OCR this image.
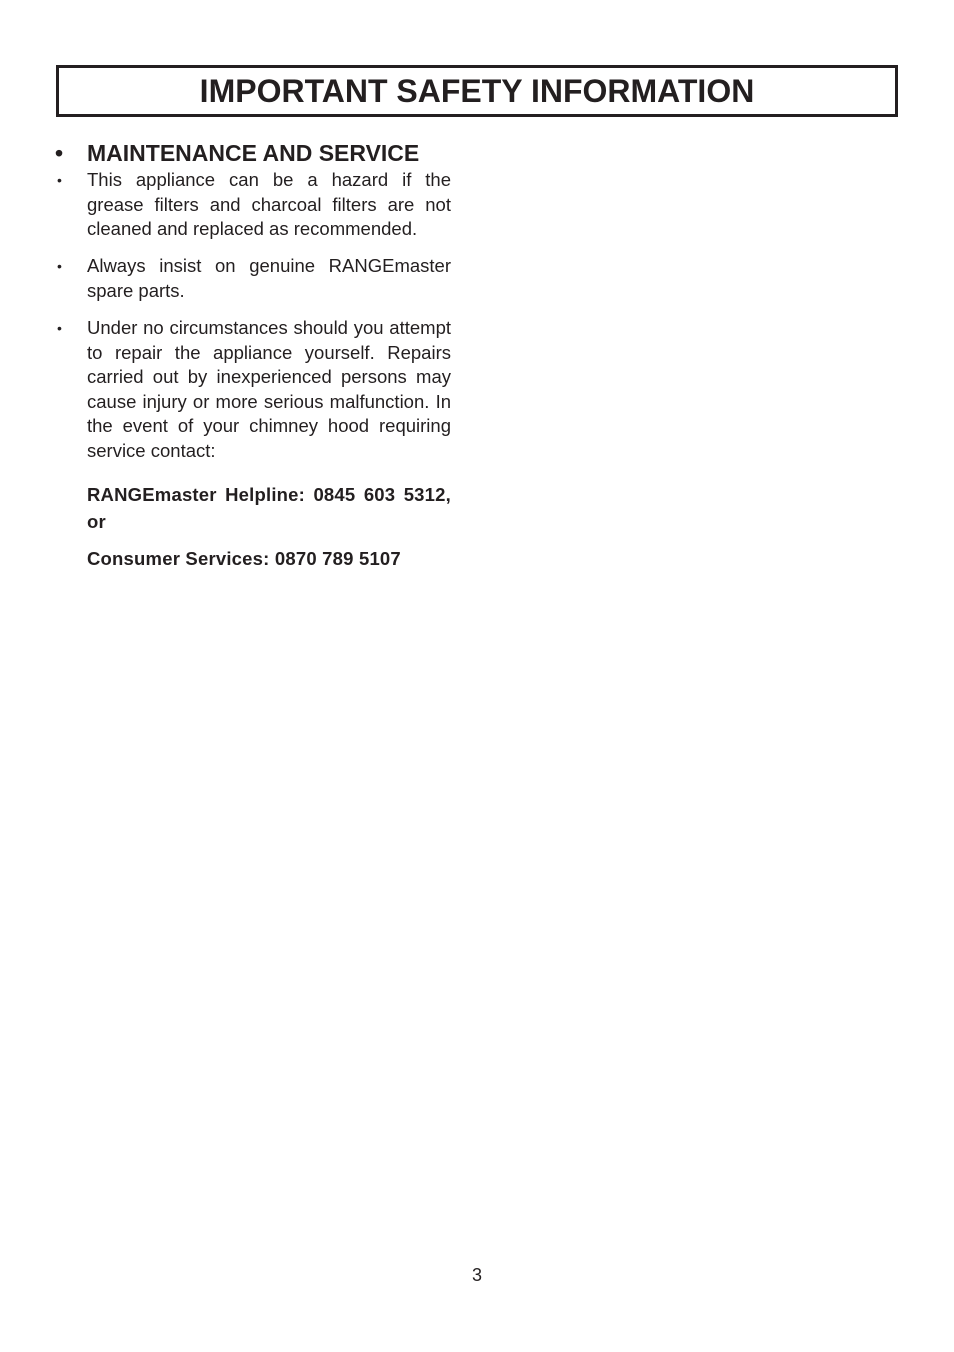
IMPORTANT SAFETY INFORMATION
• MAINTENANCE AND SERVICE
• This appliance can be a hazard if the grease filters and charcoal filters are not cleaned and replaced as recommended.
• Always insist on genuine RANGEmaster spare parts.
• Under no circumstances should you attempt to repair the appliance yourself. Repairs carried out by inexperienced persons may cause injury or more serious malfunction. In the event of your chimney hood requiring service contact:
RANGEmaster Helpline: 0845 603 5312, or
Consumer Services: 0870 789 5107
3
